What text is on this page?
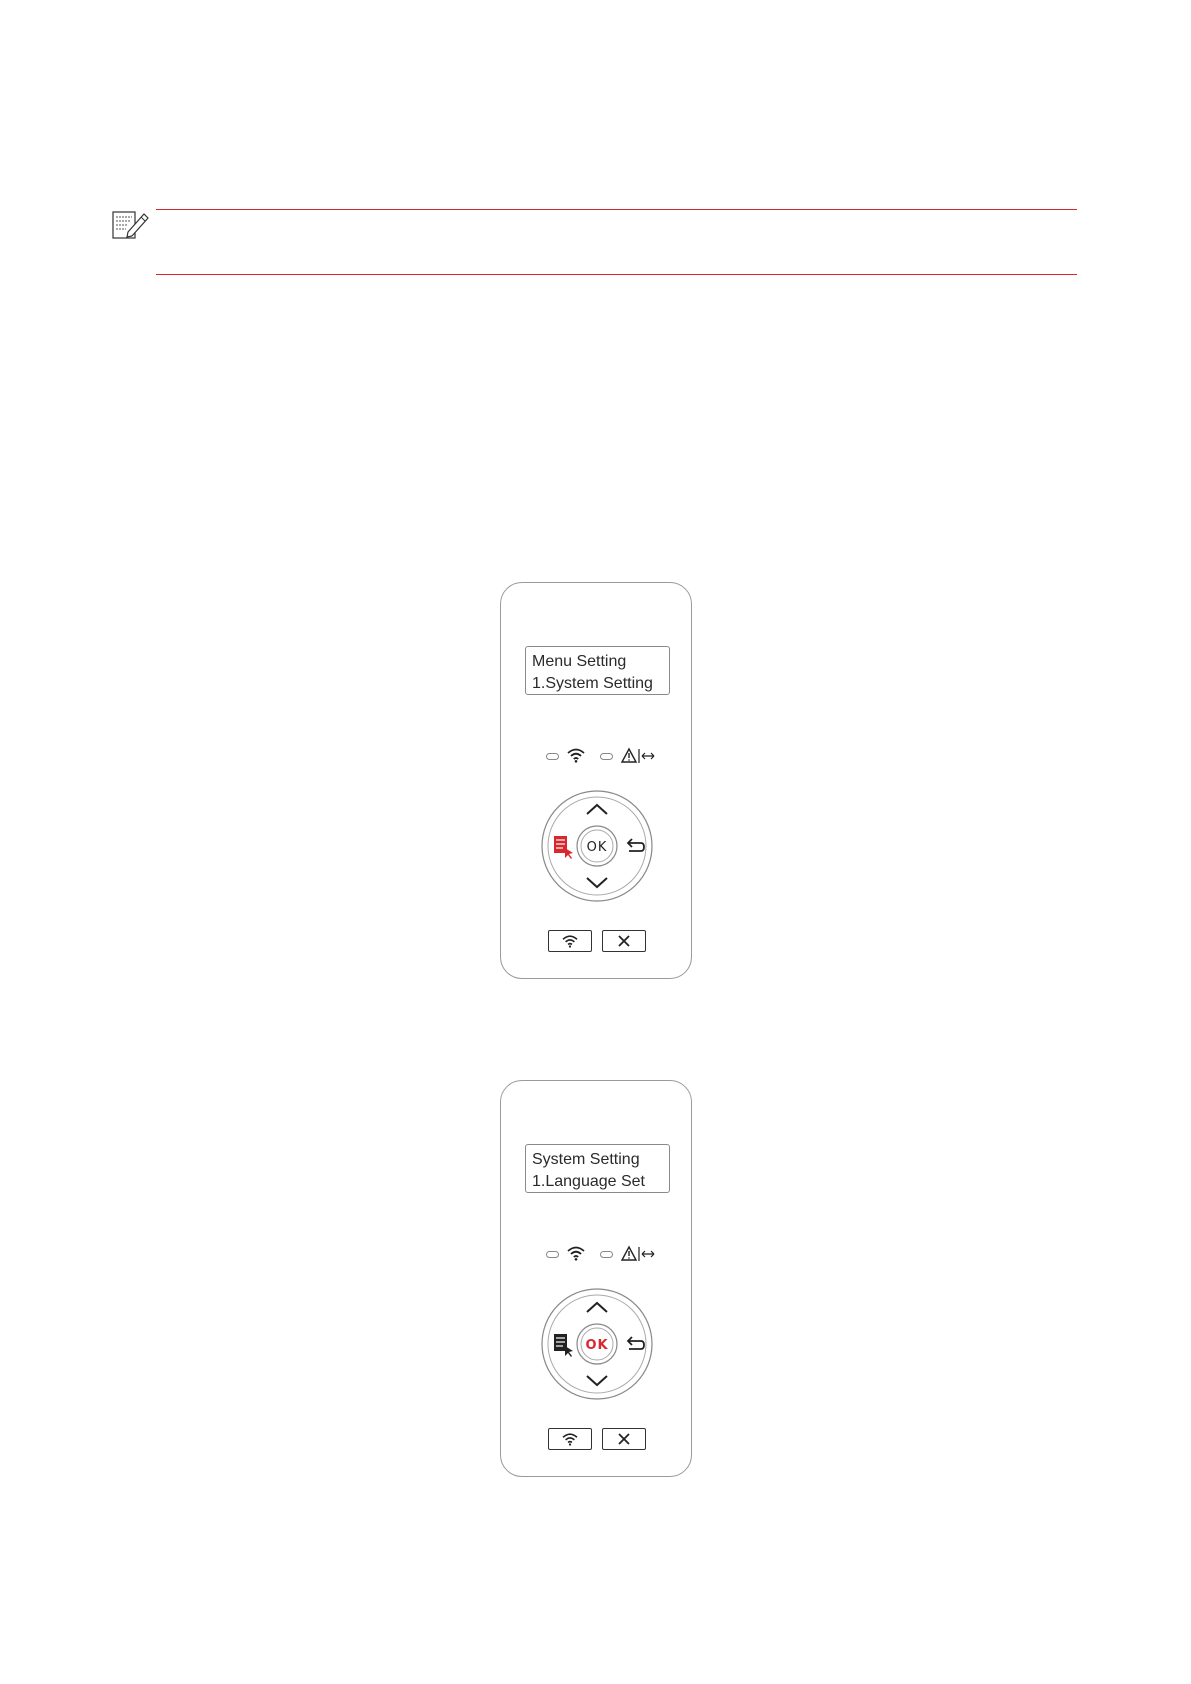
Menu Setting
1.System Setting
OK
System Setting
1.Language Set
OK
